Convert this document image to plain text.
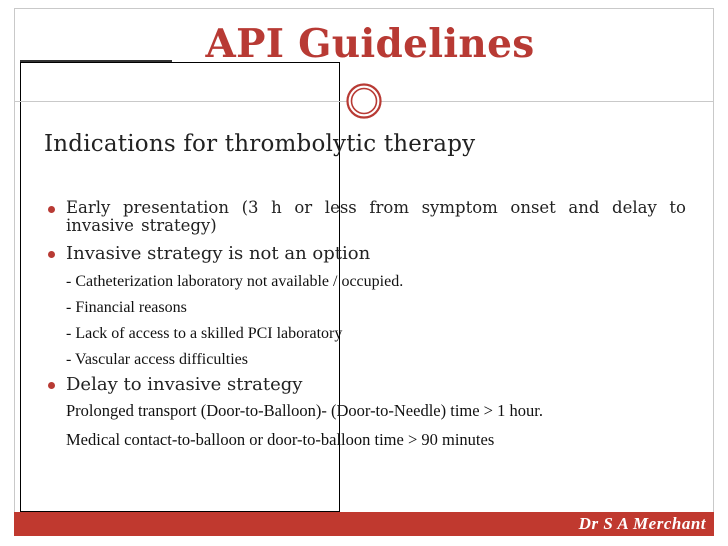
API Guidelines
Indications for thrombolytic therapy
Early presentation (3 h or less from symptom onset and delay to invasive strategy)
Invasive strategy is not an option
- Catheterization laboratory not available / occupied.
- Financial reasons
- Lack of access to a skilled PCI laboratory
- Vascular access difficulties
Delay to invasive strategy
Prolonged transport (Door-to-Balloon)- (Door-to-Needle) time > 1 hour.
Medical contact-to-balloon or door-to-balloon time > 90 minutes
Dr S A Merchant
